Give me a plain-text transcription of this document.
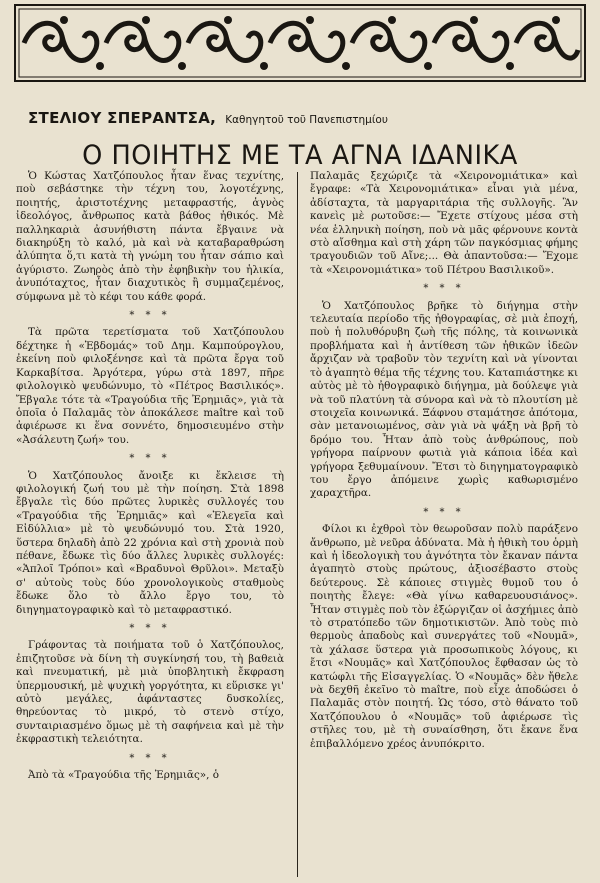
ΣΤΕΛΙΟΥ ΣΠΕΡΑΝΤΣΑ, Καθηγητοῦ τοῦ Πανεπιστημίου
Ο ΠΟΙΗΤΗΣ ΜΕ ΤΑ ΑΓΝΑ ΙΔΑΝΙΚΑ

Ὁ Κώστας Χατζόπουλος ἦταν ἕνας τεχνίτης, ποὺ σεβάστηκε τὴν τέχνη του, λογοτέχνης, ποιητής, ἀριστοτέχνης μεταφραστής, ἁγνὸς ἰδεολόγος, ἄνθρωπος κατὰ βάθος ἠθικός. Μὲ παλληκαριὰ ἀσυνήθιστη πάντα ἔβγαινε νὰ διακηρύξη τὸ καλό, μὰ καὶ νὰ καταβαραθρώση ἀλύπητα ὅ,τι κατὰ τὴ γνώμη του ἦταν σάπιο καὶ ἀγύριστο. Ζωηρὸς ἀπὸ τὴν ἐφηβικὴν του ἡλικία, ἀνυπόταχτος, ἦταν διαχυτικὸς ἢ συμμαζεμένος, σύμφωνα μὲ τὸ κέφι του κάθε φορά.

* * *

Τὰ πρῶτα τερετίσματα τοῦ Χατζόπουλου δέχτηκε ἡ «Ἑβδομάς» τοῦ Δημ. Καμπούρογλου, ἐκείνη ποὺ φιλοξένησε καὶ τὰ πρῶτα ἔργα τοῦ Καρκαβίτσα. Ἀργότερα, γύρω στὰ 1897, πῆρε φιλολογικὸ ψευδώνυμο, τὸ «Πέτρος Βασιλικός». Ἔβγαλε τότε τὰ «Τραγούδια τῆς Ἐρημιᾶς», γιὰ τὰ ὁποῖα ὁ Παλαμᾶς τὸν ἀποκάλεσε maître καὶ τοῦ ἀφιέρωσε κι ἕνα σοννέτο, δημοσιευμένο στὴν «Ἀσάλευτη ζωή» του.

* * *

Ὁ Χατζόπουλος ἄνοιξε κι ἔκλεισε τὴ φιλολογική ζωή του μὲ τὴν ποίηση. Στὰ 1898 ἔβγαλε τὶς δύο πρῶτες λυρικὲς συλλογές του «Τραγούδια τῆς Ἐρημιᾶς» καὶ «Ἐλεγεῖα καὶ Εἰδύλλια» μὲ τὸ ψευδώνυμό του. Στὰ 1920, ὕστερα δηλαδὴ ἀπὸ 22 χρόνια καὶ στὴ χρονιὰ ποὺ πέθανε, ἔδωκε τὶς δύο ἄλλες λυρικὲς συλλογές: «Ἁπλοῖ Τρόποι» καὶ «Βραδυνοὶ Θρῦλοι». Μεταξὺ σ' αὐτοὺς τοὺς δύο χρονολογικοὺς σταθμοὺς ἔδωκε ὅλο τὸ ἄλλο ἔργο του, τὸ διηγηματογραφικὸ καὶ τὸ μεταφραστικό.

* * *

Γράφοντας τὰ ποιήματα τοῦ ὁ Χατζόπουλος, ἐπιζητοῦσε νὰ δίνη τὴ συγκίνησή του, τὴ βαθειὰ καὶ πνευματική, μὲ μιὰ ὑποβλητικὴ ἔκφραση ὑπερμουσική, μὲ ψυχικὴ γοργότητα, κι εὕρισκε γι' αὐτὸ μεγάλες, ἀφάνταστες δυσκολίες, θηρεύοντας τὸ μικρό, τὸ στενὸ στίχο, συνταιριασμένο ὅμως μὲ τὴ σαφήνεια καὶ μὲ τὴν ἐκφραστικὴ τελειότητα.

* * *

Ἀπὸ τὰ «Τραγούδια τῆς Ἐρημιᾶς», ὁ

Παλαμᾶς ξεχώριζε τὰ «Χειρονομιάτικα» καὶ ἔγραφε: «Τὰ Χειρονομιάτικα» εἶναι γιὰ μένα, ἀδίσταχτα, τὰ μαργαριτάρια τῆς συλλογῆς. Ἂν κανεὶς μὲ ρωτοῦσε:— Ἔχετε στίχους μέσα στὴ νέα ἑλληνικὴ ποίηση, ποὺ νὰ μᾶς φέρνουνε κοντὰ στὸ αἴσθημα καὶ στὴ χάρη τῶν παγκόσμιας φήμης τραγουδιῶν τοῦ Αἴνε;... Θὰ ἀπαντοῦσα:— Ἔχομε τὰ «Χειρονομιάτικα» τοῦ Πέτρου Βασιλικοῦ».

* * *

Ὁ Χατζόπουλος βρῆκε τὸ διήγημα στὴν τελευταία περίοδο τῆς ἠθογραφίας, σὲ μιὰ ἐποχή, ποὺ ἡ πολυθόρυβη ζωὴ τῆς πόλης, τὰ κοινωνικὰ προβλήματα καὶ ἡ ἀντίθεση τῶν ἠθικῶν ἰδεῶν ἄρχιζαν νὰ τραβοῦν τὸν τεχνίτη καὶ νὰ γίνονται τὸ ἀγαπητὸ θέμα τῆς τέχνης του. Καταπιάστηκε κι αὐτὸς μὲ τὸ ἠθογραφικὸ διήγημα, μὰ δούλεψε γιὰ νὰ τοῦ πλατύνη τὰ σύνορα καὶ νὰ τὸ πλουτίση μὲ στοιχεῖα κοινωνικά. Ξάφνου σταμάτησε ἀπότομα, σὰν μετανοιωμένος, σὰν γιὰ νὰ ψάξη νὰ βρῆ τὸ δρόμο του. Ἦταν ἀπὸ τοὺς ἀνθρώπους, ποὺ γρήγορα παίρνουν φωτιὰ γιὰ κάποια ἰδέα καὶ γρήγορα ξεθυμαίνουν. Ἔτσι τὸ διηγηματογραφικὸ του ἔργο ἀπόμεινε χωρὶς καθωρισμένο χαραχτῆρα.

* * *

Φίλοι κι ἐχθροὶ τὸν θεωροῦσαν πολὺ παράξενο ἄνθρωπο, μὲ νεῦρα ἀδύνατα. Μὰ ἡ ἠθικὴ του ὁρμὴ καὶ ἡ ἰδεολογικὴ του ἁγνότητα τὸν ἔκαναν πάντα ἀγαπητὸ στοὺς πρώτους, ἀξιοσέβαστο στοὺς δεύτερους. Σὲ κάποιες στιγμὲς θυμοῦ του ὁ ποιητὴς ἔλεγε: «Θὰ γίνω καθαρευουσιάνος». Ἦταν στιγμὲς ποὺ τὸν ἐξώργιζαν οἱ ἀσχήμιες ἀπὸ τὸ στρατόπεδο τῶν δημοτικιστῶν. Ἀπὸ τοὺς πιὸ θερμοὺς ἀπαδοὺς καὶ συνεργάτες τοῦ «Νουμᾶ», τὰ χάλασε ὕστερα γιὰ προσωπικοὺς λόγους, κι ἔτσι «Νουμᾶς» καὶ Χατζόπουλος ἔφθασαν ὡς τὸ κατώφλι τῆς Εἰσαγγελίας. Ὁ «Νουμᾶς» δὲν ἤθελε νὰ δεχθῆ ἐκεῖνο τὸ maître, ποὺ εἶχε ἀποδώσει ὁ Παλαμᾶς στὸν ποιητή. Ὡς τόσο, στὸ θάνατο τοῦ Χατζόπουλου ὁ «Νουμᾶς» τοῦ ἀφιέρωσε τὶς στῆλες του, μὲ τὴ συναίσθηση, ὅτι ἔκανε ἕνα ἐπιβαλλόμενο χρέος ἀνυπόκριτο.
